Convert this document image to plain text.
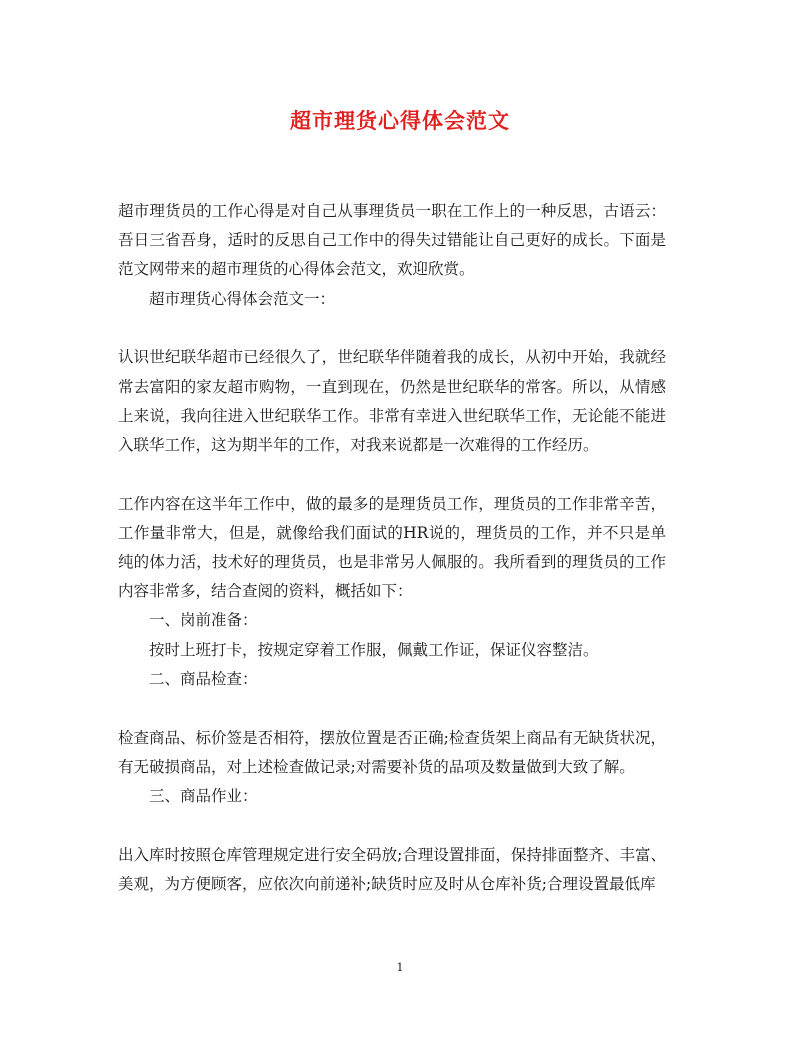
超市理货心得体会范文

超市理货员的工作心得是对自己从事理货员一职在工作上的一种反思，古语云：吾日三省吾身，适时的反思自己工作中的得失过错能让自己更好的成长。下面是范文网带来的超市理货的心得体会范文，欢迎欣赏。

超市理货心得体会范文一：

认识世纪联华超市已经很久了，世纪联华伴随着我的成长，从初中开始，我就经常去富阳的家友超市购物，一直到现在，仍然是世纪联华的常客。所以，从情感上来说，我向往进入世纪联华工作。非常有幸进入世纪联华工作，无论能不能进入联华工作，这为期半年的工作，对我来说都是一次难得的工作经历。

工作内容在这半年工作中，做的最多的是理货员工作，理货员的工作非常辛苦，工作量非常大，但是，就像给我们面试的HR说的，理货员的工作，并不只是单纯的体力活，技术好的理货员，也是非常另人佩服的。我所看到的理货员的工作内容非常多，结合查阅的资料，概括如下：

一、岗前准备：

按时上班打卡，按规定穿着工作服，佩戴工作证，保证仪容整洁。

二、商品检查：

检查商品、标价签是否相符，摆放位置是否正确;检查货架上商品有无缺货状况，有无破损商品，对上述检查做记录;对需要补货的品项及数量做到大致了解。

三、商品作业：

出入库时按照仓库管理规定进行安全码放;合理设置排面，保持排面整齐、丰富、美观，为方便顾客，应依次向前递补;缺货时应及时从仓库补货;合理设置最低库

1
